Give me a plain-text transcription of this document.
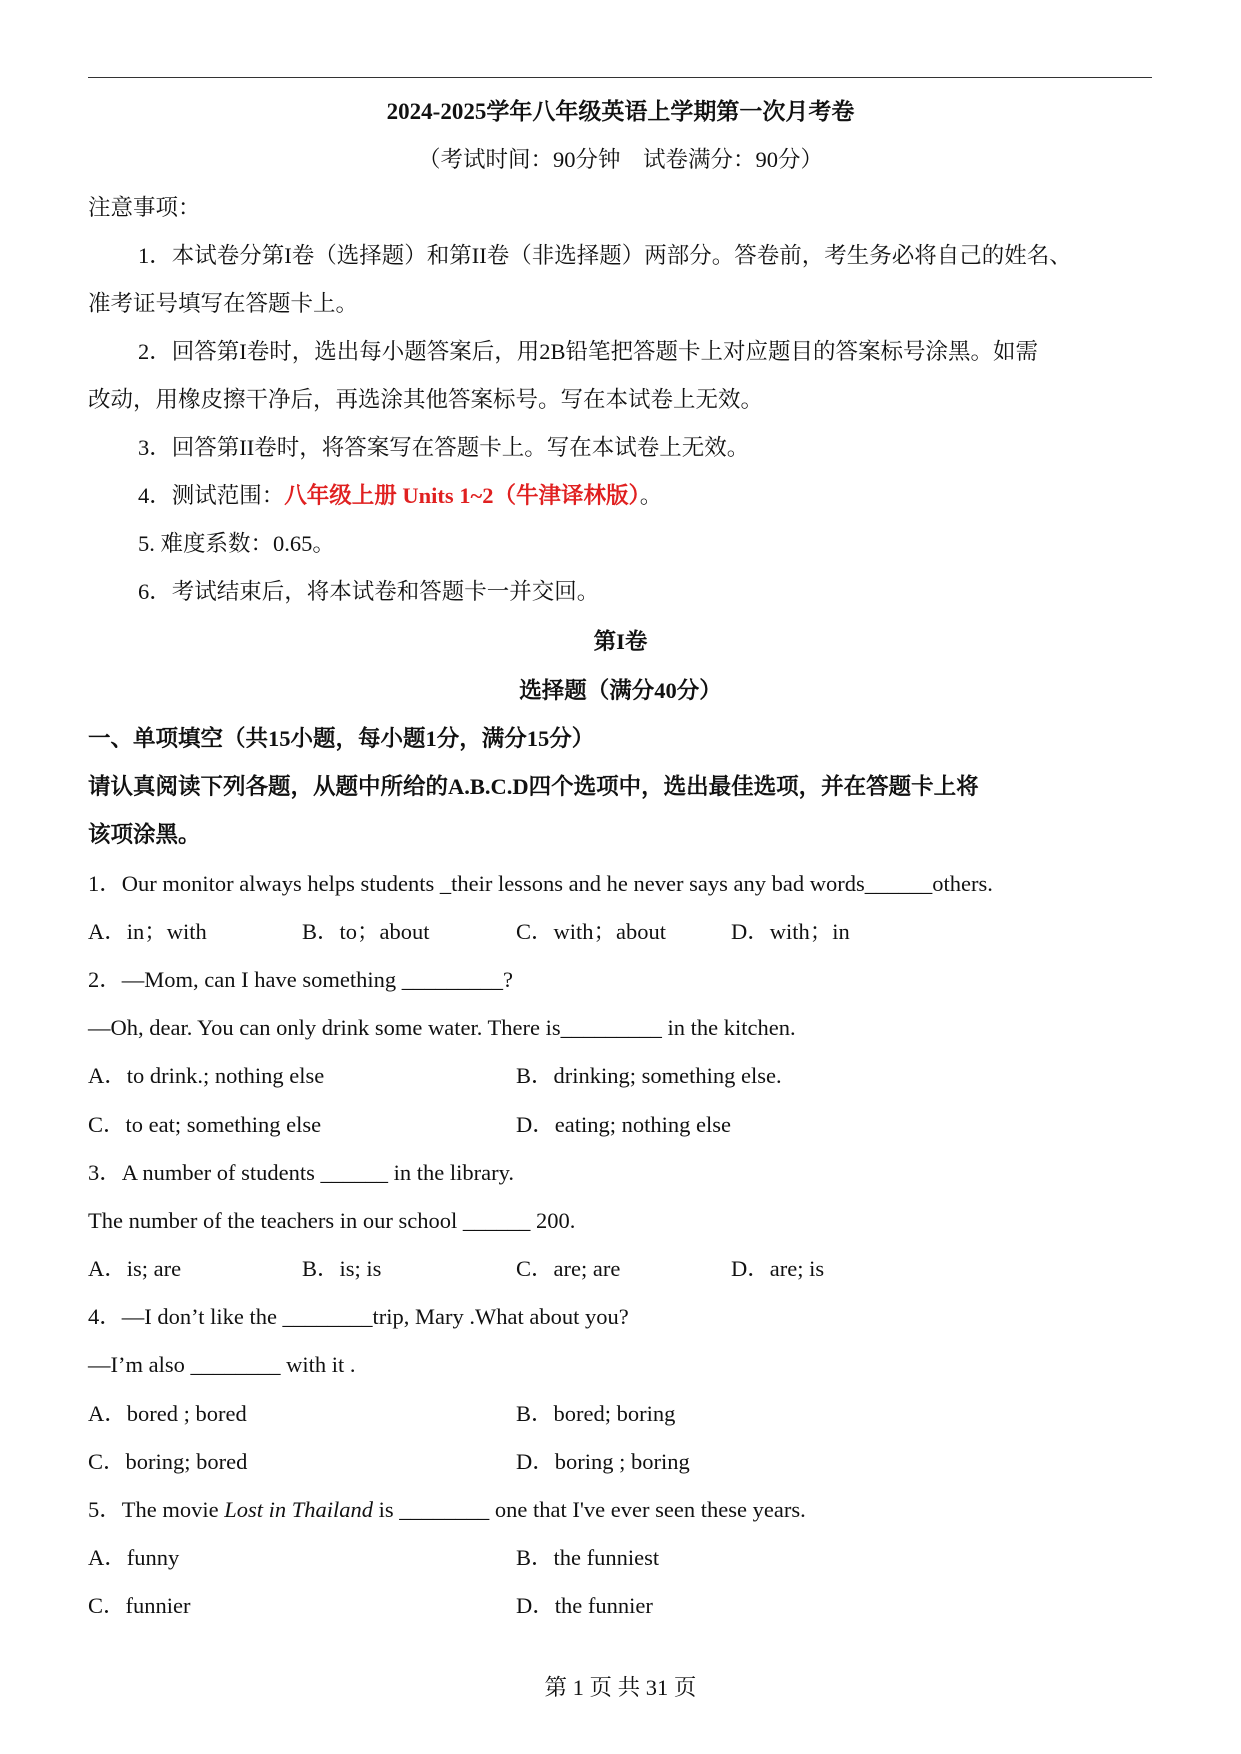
2024-2025学年八年级英语上学期第一次月考卷
（考试时间：90分钟　试卷满分：90分）
注意事项：
1．本试卷分第I卷（选择题）和第II卷（非选择题）两部分。答卷前，考生务必将自己的姓名、
准考证号填写在答题卡上。
2．回答第I卷时，选出每小题答案后，用2B铅笔把答题卡上对应题目的答案标号涂黑。如需
改动，用橡皮擦干净后，再选涂其他答案标号。写在本试卷上无效。
3．回答第II卷时，将答案写在答题卡上。写在本试卷上无效。
4．测试范围：八年级上册 Units 1~2（牛津译林版）。
5. 难度系数：0.65。
6．考试结束后，将本试卷和答题卡一并交回。
第I卷
选择题（满分40分）
一、单项填空（共15小题，每小题1分，满分15分）
请认真阅读下列各题，从题中所给的A.B.C.D四个选项中，选出最佳选项，并在答题卡上将
该项涂黑。
1．Our monitor always helps students _their lessons and he never says any bad words______others.
A．in；with	B．to；about	C．with；about	D．with；in
2．—Mom, can I have something _________?
—Oh, dear. You can only drink some water. There is_________ in the kitchen.
A．to drink.; nothing else	B．drinking; something else.
C．to eat; something else	D．eating; nothing else
3．A number of students ______ in the library.
The number of the teachers in our school ______ 200.
A．is; are	B．is; is	C．are; are	D．are; is
4．—I don’t like the ________trip, Mary .What about you?
—I’m also ________ with it .
A．bored ; bored	B．bored; boring
C．boring; bored	D．boring ; boring
5．The movie Lost in Thailand is ________ one that I've ever seen these years.
A．funny	B．the funniest
C．funnier	D．the funnier
第 1 页 共 31 页
